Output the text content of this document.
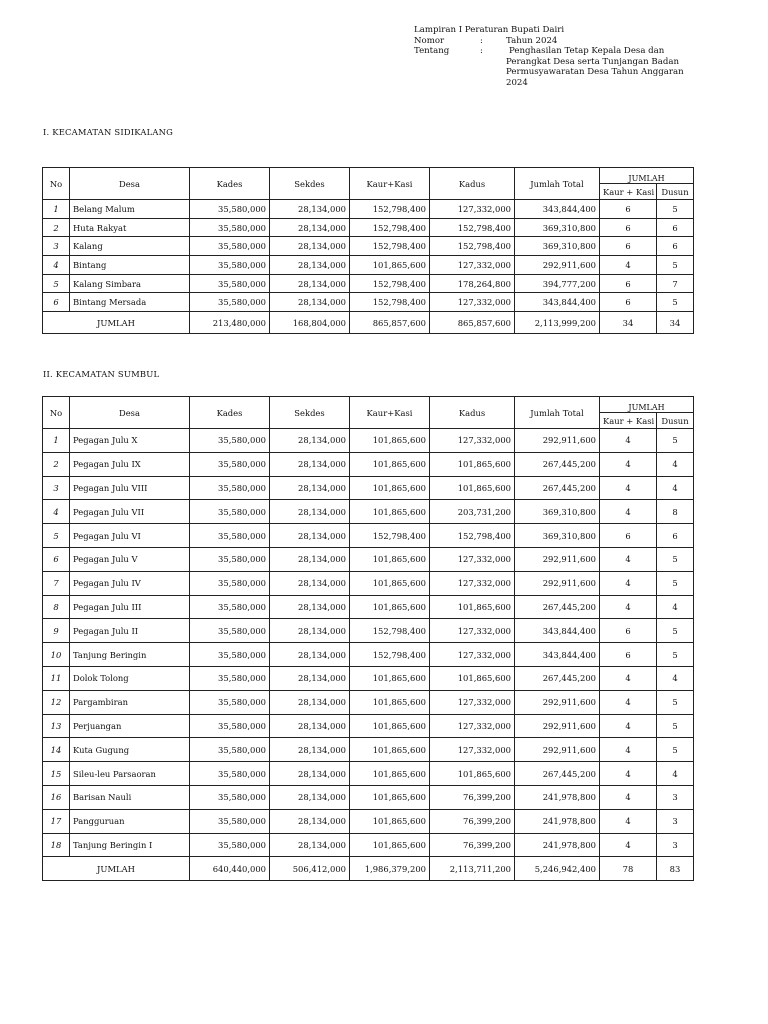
Lampiran I Peraturan Bupati Dairi
Nomor	:	Tahun 2024
Tentang	:	Penghasilan Tetap Kepala Desa dan
Perangkat Desa serta Tunjangan Badan
Permusyawaratan Desa Tahun Anggaran
2024
I. KECAMATAN SIDIKALANG
No	Desa	Kades	Sekdes	Kaur+Kasi	Kadus	Jumlah Total	JUMLAH	
							Kaur + Kasi	Dusun
1	Belang Malum	35,580,000	28,134,000	152,798,400	127,332,000	343,844,400	6	5
2	Huta Rakyat	35,580,000	28,134,000	152,798,400	152,798,400	369,310,800	6	6
3	Kalang	35,580,000	28,134,000	152,798,400	152,798,400	369,310,800	6	6
4	Bintang	35,580,000	28,134,000	101,865,600	127,332,000	292,911,600	4	5
5	Kalang Simbara	35,580,000	28,134,000	152,798,400	178,264,800	394,777,200	6	7
6	Bintang Mersada	35,580,000	28,134,000	152,798,400	127,332,000	343,844,400	6	5
JUMLAH		213,480,000	168,804,000	865,857,600	865,857,600	2,113,999,200	34	34
II. KECAMATAN SUMBUL
No	Desa	Kades	Sekdes	Kaur+Kasi	Kadus	Jumlah Total	JUMLAH	
							Kaur + Kasi	Dusun
1	Pegagan Julu X	35,580,000	28,134,000	101,865,600	127,332,000	292,911,600	4	5
2	Pegagan Julu IX	35,580,000	28,134,000	101,865,600	101,865,600	267,445,200	4	4
3	Pegagan Julu VIII	35,580,000	28,134,000	101,865,600	101,865,600	267,445,200	4	4
4	Pegagan Julu VII	35,580,000	28,134,000	101,865,600	203,731,200	369,310,800	4	8
5	Pegagan Julu VI	35,580,000	28,134,000	152,798,400	152,798,400	369,310,800	6	6
6	Pegagan Julu V	35,580,000	28,134,000	101,865,600	127,332,000	292,911,600	4	5
7	Pegagan Julu IV	35,580,000	28,134,000	101,865,600	127,332,000	292,911,600	4	5
8	Pegagan Julu III	35,580,000	28,134,000	101,865,600	101,865,600	267,445,200	4	4
9	Pegagan Julu II	35,580,000	28,134,000	152,798,400	127,332,000	343,844,400	6	5
10	Tanjung Beringin	35,580,000	28,134,000	152,798,400	127,332,000	343,844,400	6	5
11	Dolok Tolong	35,580,000	28,134,000	101,865,600	101,865,600	267,445,200	4	4
12	Pargambiran	35,580,000	28,134,000	101,865,600	127,332,000	292,911,600	4	5
13	Perjuangan	35,580,000	28,134,000	101,865,600	127,332,000	292,911,600	4	5
14	Kuta Gugung	35,580,000	28,134,000	101,865,600	127,332,000	292,911,600	4	5
15	Sileu-leu Parsaoran	35,580,000	28,134,000	101,865,600	101,865,600	267,445,200	4	4
16	Barisan Nauli	35,580,000	28,134,000	101,865,600	76,399,200	241,978,800	4	3
17	Pangguruan	35,580,000	28,134,000	101,865,600	76,399,200	241,978,800	4	3
18	Tanjung Beringin I	35,580,000	28,134,000	101,865,600	76,399,200	241,978,800	4	3
JUMLAH		640,440,000	506,412,000	1,986,379,200	2,113,711,200	5,246,942,400	78	83
